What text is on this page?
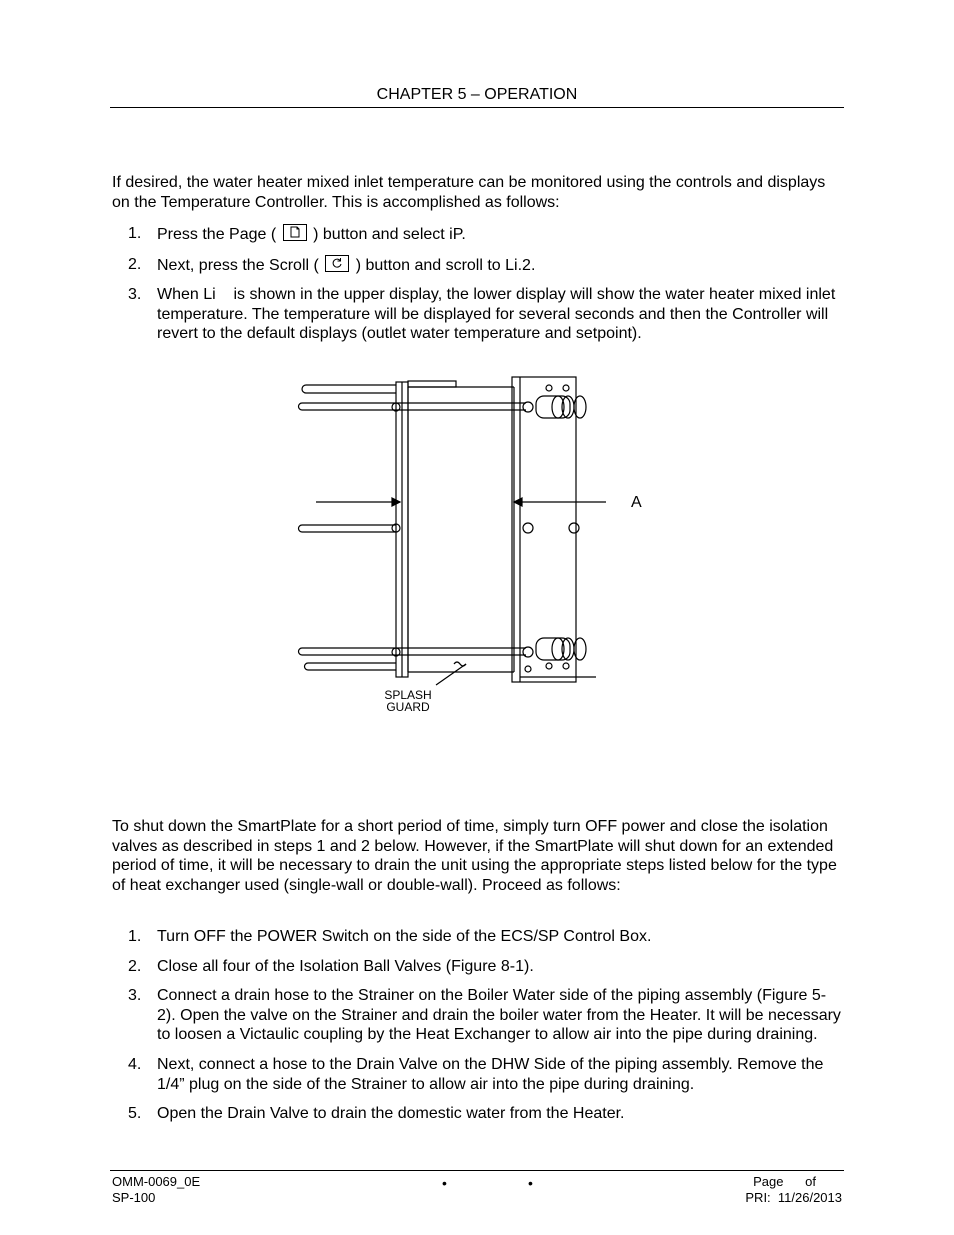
CHAPTER 5 – OPERATION

If desired, the water heater mixed inlet temperature can be monitored using the controls and displays on the Temperature Controller. This is accomplished as follows:

1. Press the Page ( ) button and select iP.
2. Next, press the Scroll ( ) button and scroll to Li.2.
3. When Li    is shown in the upper display, the lower display will show the water heater mixed inlet temperature. The temperature will be displayed for several seconds and then the Controller will revert to the default displays (outlet water temperature and setpoint).
A
SPLASH
GUARD

To shut down the SmartPlate for a short period of time, simply turn OFF power and close the isolation valves as described in steps 1 and 2 below. However, if the SmartPlate will shut down for an extended period of time, it will be necessary to drain the unit using the appropriate steps listed below for the type of heat exchanger used (single-wall or double-wall). Proceed as follows:

1. Turn OFF the POWER Switch on the side of the ECS/SP Control Box.
2. Close all four of the Isolation Ball Valves (Figure 8-1).
3. Connect a drain hose to the Strainer on the Boiler Water side of the piping assembly (Figure 5-2). Open the valve on the Strainer and drain the boiler water from the Heater. It will be necessary to loosen a Victaulic coupling by the Heat Exchanger to allow air into the pipe during draining.
4. Next, connect a hose to the Drain Valve on the DHW Side of the piping assembly. Remove the 1/4” plug on the side of the Strainer to allow air into the pipe during draining.
5. Open the Drain Valve to drain the domestic water from the Heater.
OMM-0069_0E
SP-100
•	•	Page      of
PRI:  11/26/2013
